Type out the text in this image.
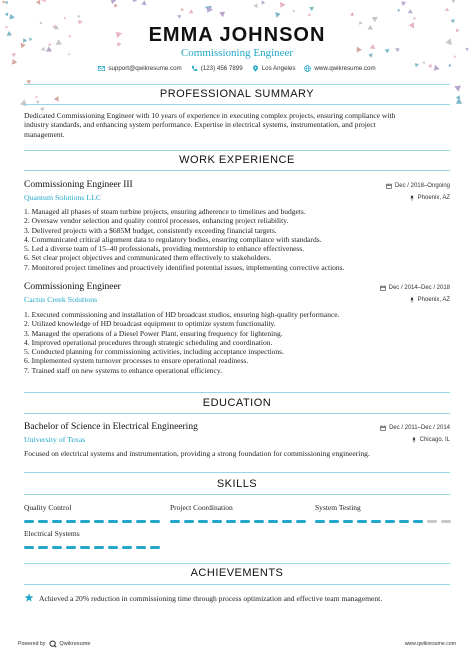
EMMA JOHNSON
Commissioning Engineer
support@qwikresume.com	(123) 456 7899	Los Angeles	www.qwikresume.com
PROFESSIONAL SUMMARY
Dedicated Commissioning Engineer with 10 years of experience in executing complex projects, ensuring compliance with
industry standards, and enhancing system performance. Expertise in electrical systems, instrumentation, and project
management.
WORK EXPERIENCE
Commissioning Engineer III	Dec / 2018–Ongoing
Quantum Solutions LLC	Phoenix, AZ
1. Managed all phases of steam turbine projects, ensuring adherence to timelines and budgets.
2. Oversaw vendor selection and quality control processes, enhancing project reliability.
3. Delivered projects with a $685M budget, consistently exceeding financial targets.
4. Communicated critical alignment data to regulatory bodies, ensuring compliance with standards.
5. Led a diverse team of 15–40 professionals, providing mentorship to enhance effectiveness.
6. Set clear project objectives and communicated them effectively to stakeholders.
7. Monitored project timelines and proactively identified potential issues, implementing corrective actions.
Commissioning Engineer	Dec / 2014–Dec / 2018
Cactus Creek Solutions	Phoenix, AZ
1. Executed commissioning and installation of HD broadcast studios, ensuring high-quality performance.
2. Utilized knowledge of HD broadcast equipment to optimize system functionality.
3. Managed the operations of a Diesel Power Plant, ensuring frequency for lightening.
4. Improved operational procedures through strategic scheduling and coordination.
5. Conducted planning for commissioning activities, including acceptance inspections.
6. Implemented system turnover processes to ensure operational readiness.
7. Trained staff on new systems to enhance operational efficiency.
EDUCATION
Bachelor of Science in Electrical Engineering	Dec / 2011–Dec / 2014
University of Texas	Chicago, IL
Focused on electrical systems and instrumentation, providing a strong foundation for commissioning engineering.
SKILLS
Quality Control	Project Coordination	System Testing
Electrical Systems
ACHIEVEMENTS
Achieved a 20% reduction in commissioning time through process optimization and effective team management.
Powered by	Qwikresume	www.qwikresume.com
